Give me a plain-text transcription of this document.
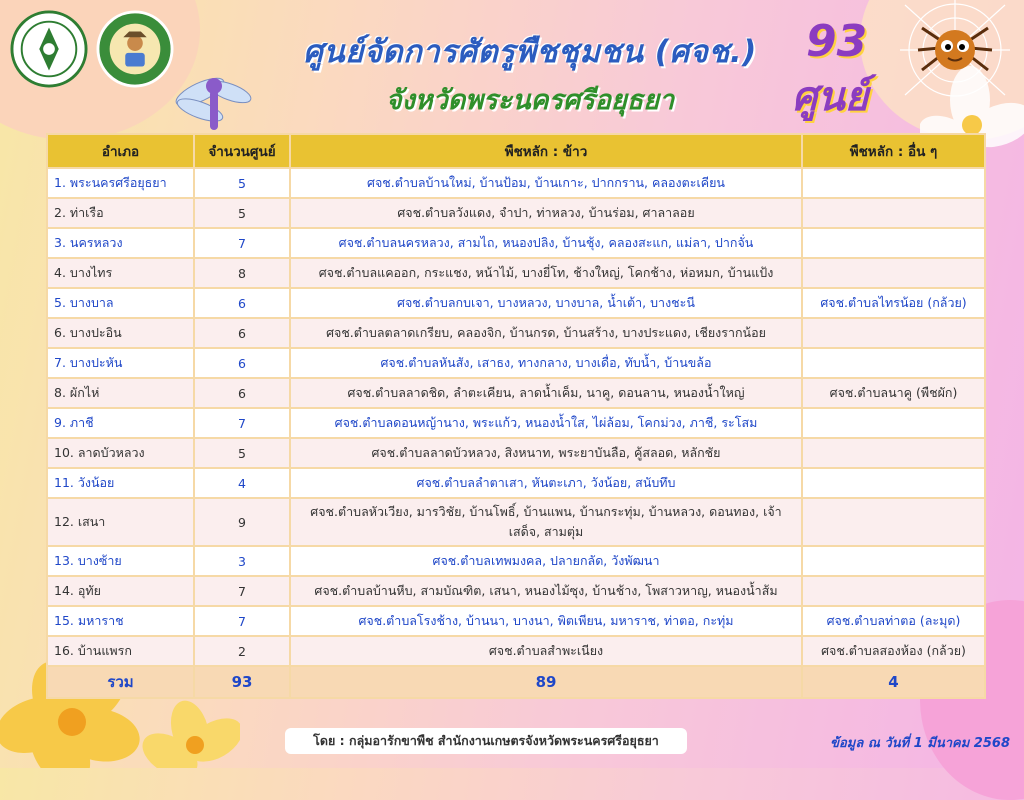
ศูนย์จัดการศัตรูพืชชุมชน (ศจช.)
จังหวัดพระนครศรีอยุธยา
93
ศูนย์
อำเภอ	จำนวนศูนย์	พืชหลัก : ข้าว	พืชหลัก : อื่น ๆ
1. พระนครศรีอยุธยา	5	ศจช.ตำบลบ้านใหม่, บ้านป้อม, บ้านเกาะ, ปากกราน, คลองตะเคียน	
2. ท่าเรือ	5	ศจช.ตำบลวังแดง, จำปา, ท่าหลวง, บ้านร่อม, ศาลาลอย	
3. นครหลวง	7	ศจช.ตำบลนครหลวง, สามไถ, หนองปลิง, บ้านชุ้ง, คลองสะแก, แม่ลา, ปากจั่น	
4. บางไทร	8	ศจช.ตำบลแคออก, กระแชง, หน้าไม้, บางยี่โท, ช้างใหญ่, โคกช้าง, ห่อหมก, บ้านแป้ง	
5. บางบาล	6	ศจช.ตำบลกบเจา, บางหลวง, บางบาล, น้ำเต้า, บางชะนี	ศจช.ตำบลไทรน้อย (กล้วย)
6. บางปะอิน	6	ศจช.ตำบลตลาดเกรียบ, คลองจิก, บ้านกรด, บ้านสร้าง, บางประแดง, เชียงรากน้อย	
7. บางปะหัน	6	ศจช.ตำบลหันสัง, เสาธง, ทางกลาง, บางเดื่อ, ทับน้ำ, บ้านขล้อ	
8. ผักไห่	6	ศจช.ตำบลลาดชิด, ลำตะเคียน, ลาดน้ำเค็ม, นาคู, ดอนลาน, หนองน้ำใหญ่	ศจช.ตำบลนาคู (พืชผัก)
9. ภาชี	7	ศจช.ตำบลดอนหญ้านาง, พระแก้ว, หนองน้ำใส, ไผ่ล้อม, โคกม่วง, ภาชี, ระโสม	
10. ลาดบัวหลวง	5	ศจช.ตำบลลาดบัวหลวง, สิงหนาท, พระยาบันลือ, คู้สลอด, หลักชัย	
11. วังน้อย	4	ศจช.ตำบลลำตาเสา, หันตะเภา, วังน้อย, สนับทึบ	
12. เสนา	9	ศจช.ตำบลหัวเวียง, มารวิชัย, บ้านโพธิ์, บ้านแพน, บ้านกระทุ่ม, บ้านหลวง, ดอนทอง, เจ้าเสด็จ, สามตุ่ม	
13. บางซ้าย	3	ศจช.ตำบลเทพมงคล, ปลายกลัด, วังพัฒนา	
14. อุทัย	7	ศจช.ตำบลบ้านหีบ, สามบัณฑิต, เสนา, หนองไม้ซุง, บ้านช้าง, โพสาวหาญ, หนองน้ำส้ม	
15. มหาราช	7	ศจช.ตำบลโรงช้าง, บ้านนา, บางนา, พิตเพียน, มหาราช, ท่าตอ, กะทุ่ม	ศจช.ตำบลท่าตอ (ละมุด)
16. บ้านแพรก	2	ศจช.ตำบลสำพะเนียง	ศจช.ตำบลสองห้อง (กล้วย)
รวม	93	89	4
โดย : กลุ่มอารักขาพืช สำนักงานเกษตรจังหวัดพระนครศรีอยุธยา	ข้อมูล ณ วันที่ 1 มีนาคม 2568
